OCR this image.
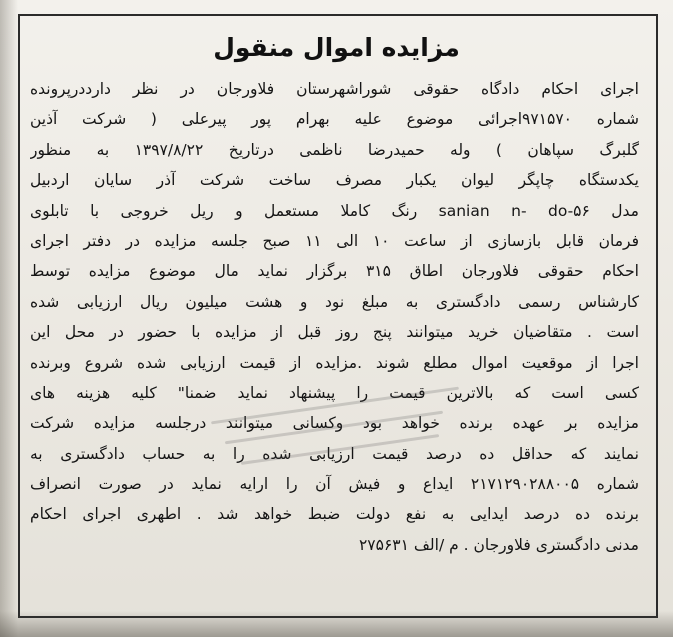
مزایده اموال منقول
اجرای احکام دادگاه حقوقی شوراشهرستان فلاورجان در نظر دارددرپرونده
شماره ۹۷۱۵۷۰اجرائی موضوع علیه بهرام پور پیرعلی ( شرکت آذین
گلبرگ سپاهان ) وله حمیدرضا ناظمی درتاریخ ۱۳۹۷/۸/۲۲ به منظور
یکدستگاه چاپگر لیوان یکبار مصرف ساخت شرکت آذر سایان اردبیل
مدل sanian n- do-۵۶ رنگ کاملا مستعمل و ریل خروجی با تابلوی
فرمان قابل بازسازی از ساعت ۱۰ الی ۱۱ صبح جلسه مزایده در دفتر اجرای
احکام حقوقی فلاورجان اطاق ۳۱۵ برگزار نماید مال موضوع مزایده توسط
کارشناس رسمی دادگستری به مبلغ نود و هشت میلیون ریال ارزیابی شده
است . متقاضیان خرید میتوانند پنج روز قبل از مزایده با حضور در محل این
اجرا از موقعیت اموال مطلع شوند .مزایده از قیمت ارزیابی شده شروع وبرنده
کسی است که بالاترین قیمت را پیشنهاد نماید ضمنا" کلیه هزینه های
مزایده بر عهده برنده خواهد بود وکسانی میتوانند درجلسه مزایده شرکت
نمایند که حداقل ده درصد قیمت ارزیابی شده را به حساب دادگستری به
شماره ۲۱۷۱۲۹۰۲۸۸۰۰۵ ایداع و فیش آن را ارایه نماید در صورت انصراف
برنده ده درصد ایدایی به نفع دولت ضبط خواهد شد . اطهری اجرای احکام
مدنی دادگستری فلاورجان . م /الف ۲۷۵۶۳۱
